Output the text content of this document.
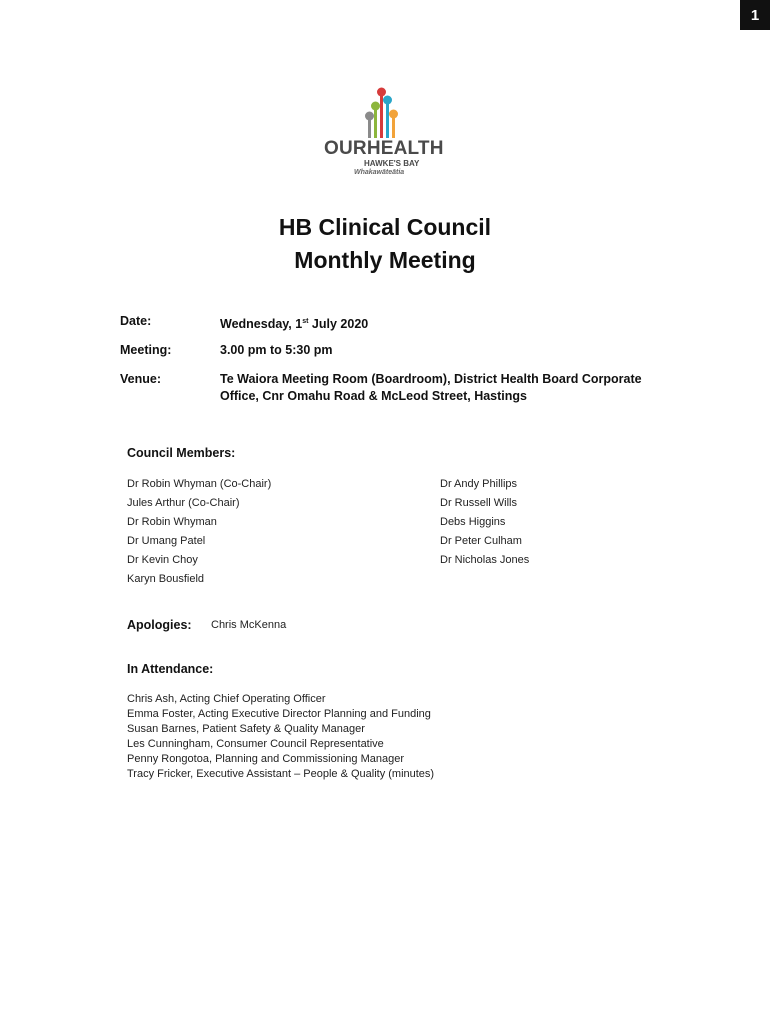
1
OURHEALTH
HAWKE'S BAY
Whakawāteātia
HB Clinical Council
Monthly Meeting
Date:	Wednesday, 1st July 2020
Meeting:	3.00 pm to 5:30 pm
Venue:	Te Waiora Meeting Room (Boardroom), District Health Board Corporate
Office, Cnr Omahu Road & McLeod Street, Hastings
Council Members:
Dr Robin Whyman (Co-Chair)
Jules Arthur (Co-Chair)
Dr Robin Whyman
Dr Umang Patel
Dr Kevin Choy
Karyn Bousfield
Dr Andy Phillips
Dr Russell Wills
Debs Higgins
Dr Peter Culham
Dr Nicholas Jones
Apologies: Chris McKenna
In Attendance:
Chris Ash, Acting Chief Operating Officer
Emma Foster, Acting Executive Director Planning and Funding
Susan Barnes, Patient Safety & Quality Manager
Les Cunningham, Consumer Council Representative
Penny Rongotoa, Planning and Commissioning Manager
Tracy Fricker, Executive Assistant – People & Quality (minutes)
